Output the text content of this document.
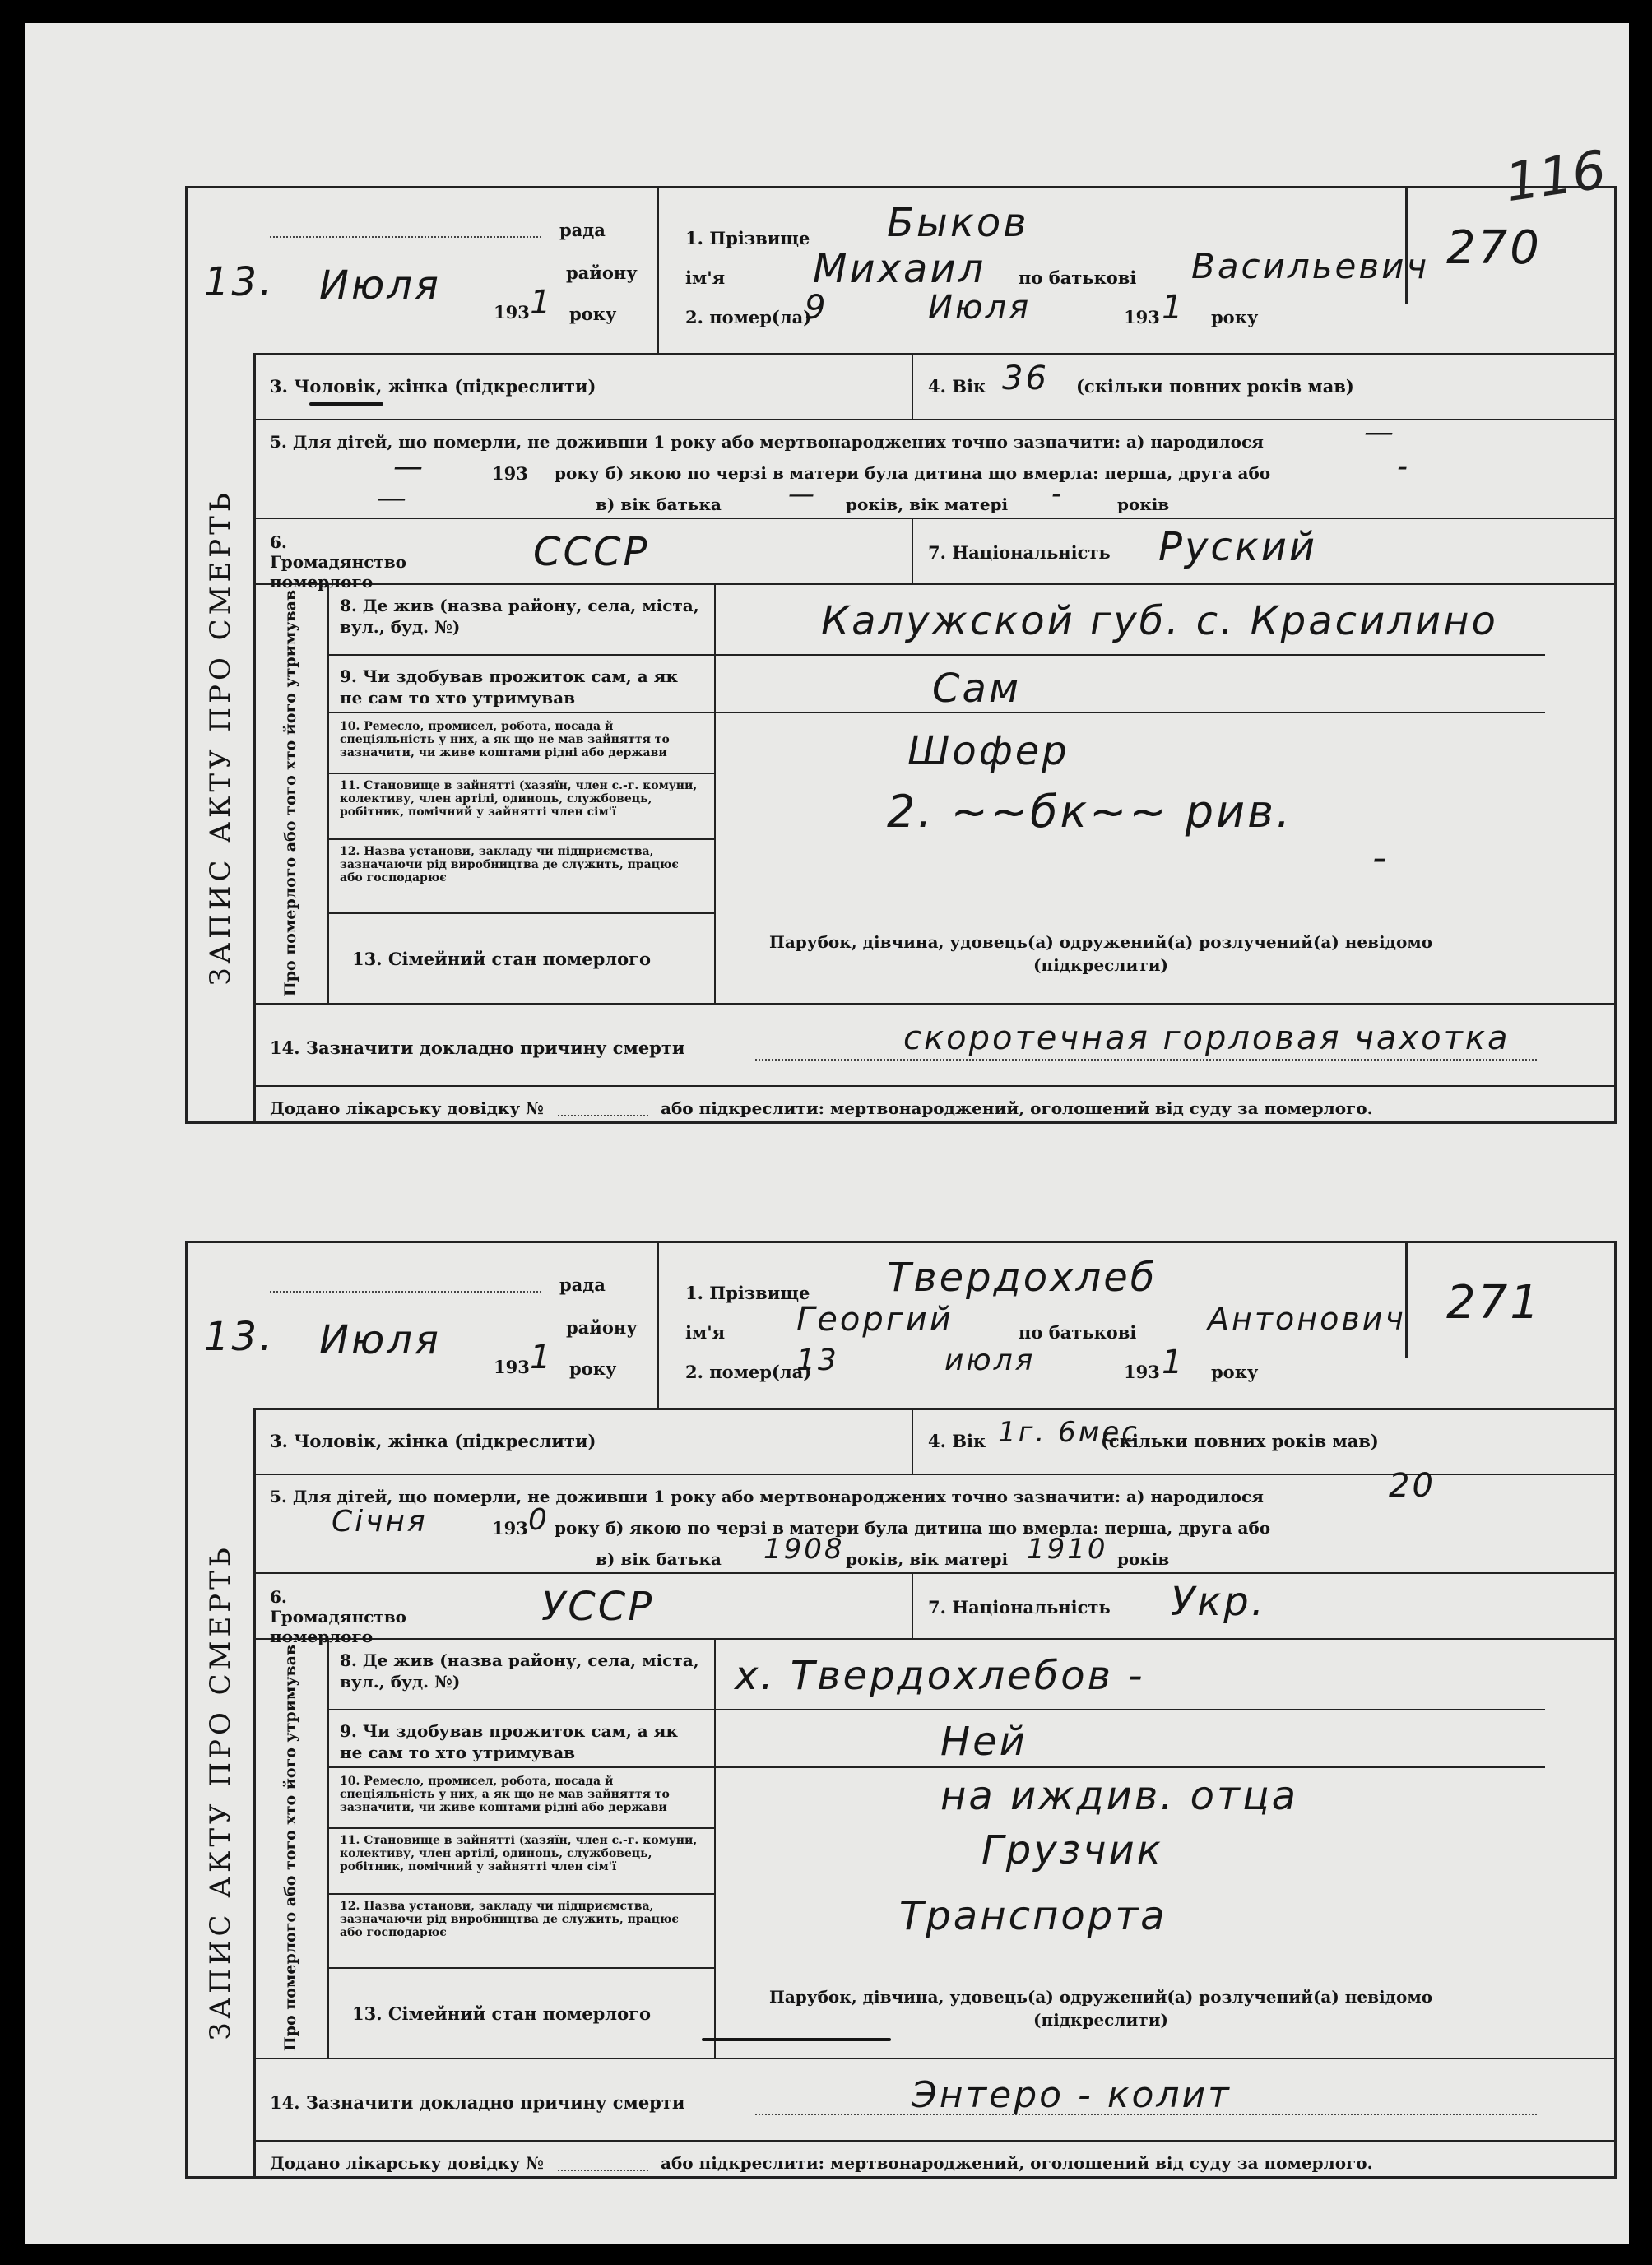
116
ЗАПИС АКТУ ПРО СМЕРТЬ	Про померлого або того хто його утримував
рада
району
13. Июля
193 1 року
1. Прізвище Быков
ім'я Михаил по батькові Васильевич
2. помер(ла)
9	Июля	193 1 року
270
3. Чоловік, жінка (підкреслити)	4. Вік 36 (скільки повних років мав)
5. Для дітей, що померли, не доживши 1 року або мертвонароджених точно зазначити: а) народилося	—
—	193 року б) якою по черзі в матери була дитина що вмерла: перша, друга або	-
—	в) вік батька	— років, вік матері -	років
6. Громадянство померлого
СССР	7. Національність Руский
8. Де жив (назва району, села, міста, вул., буд. №)	Калужской губ. с. Красилино
9. Чи здобував прожиток сам, а як не сам то хто утримував	Сам
10. Ремесло, промисел, робота, посада й спеціяльність у них, а як що не мав зайняття то зазначити, чи живе коштами рідні або держави	Шофер
11. Становище в зайнятті (хазяїн, член с.-г. комуни, колективу, член артілі, одиноць, службовець, робітник, помічний у зайнятті член сім'ї	2. ~~бк~~ рив.
12. Назва установи, закладу чи підприємства, зазначаючи рід виробництва де служить, працює або господарює	-
13. Сімейний стан померлого
Парубок, дівчина, удовець(а) одружений(а) розлучений(а) невідомо (підкреслити)
14. Зазначити докладно причину смерти	скоротечная горловая чахотка
Додано лікарську довідку №	або підкреслити: мертвонароджений, оголошений від суду за померлого.
ЗАПИС АКТУ ПРО СМЕРТЬ	Про померлого або того хто його утримував
рада
району
13. Июля
193 1 року
1. Прізвище Твердохлеб
ім'я Георгий	по батькові Антонович
2. помер(ла)
13	июля	193 1 року
271
3. Чоловік, жінка (підкреслити)	4. Вік 1г. 6мес
(скільки повних років мав)
5. Для дітей, що померли, не доживши 1 року або мертвонароджених точно зазначити: а) народилося	20
Січня	193 0 року б) якою по черзі в матери була дитина що вмерла: перша, друга або
в) вік батька 1908 років, вік матері 1910 років
6. Громадянство померлого
УССР	7. Національність Укр.
8. Де жив (назва району, села, міста, вул., буд. №)	х. Твердохлебов -
9. Чи здобував прожиток сам, а як не сам то хто утримував	Ней
10. Ремесло, промисел, робота, посада й спеціяльність у них, а як що не мав зайняття то зазначити, чи живе коштами рідні або держави	на иждив. отца
11. Становище в зайнятті (хазяїн, член с.-г. комуни, колективу, член артілі, одиноць, службовець, робітник, помічний у зайнятті член сім'ї	Грузчик
12. Назва установи, закладу чи підприємства, зазначаючи рід виробництва де служить, працює або господарює	Транспорта
13. Сімейний стан померлого
Парубок, дівчина, удовець(а) одружений(а) розлучений(а) невідомо (підкреслити)
14. Зазначити докладно причину смерти	Энтеро - колит
Додано лікарську довідку №	або підкреслити: мертвонароджений, оголошений від суду за померлого.
